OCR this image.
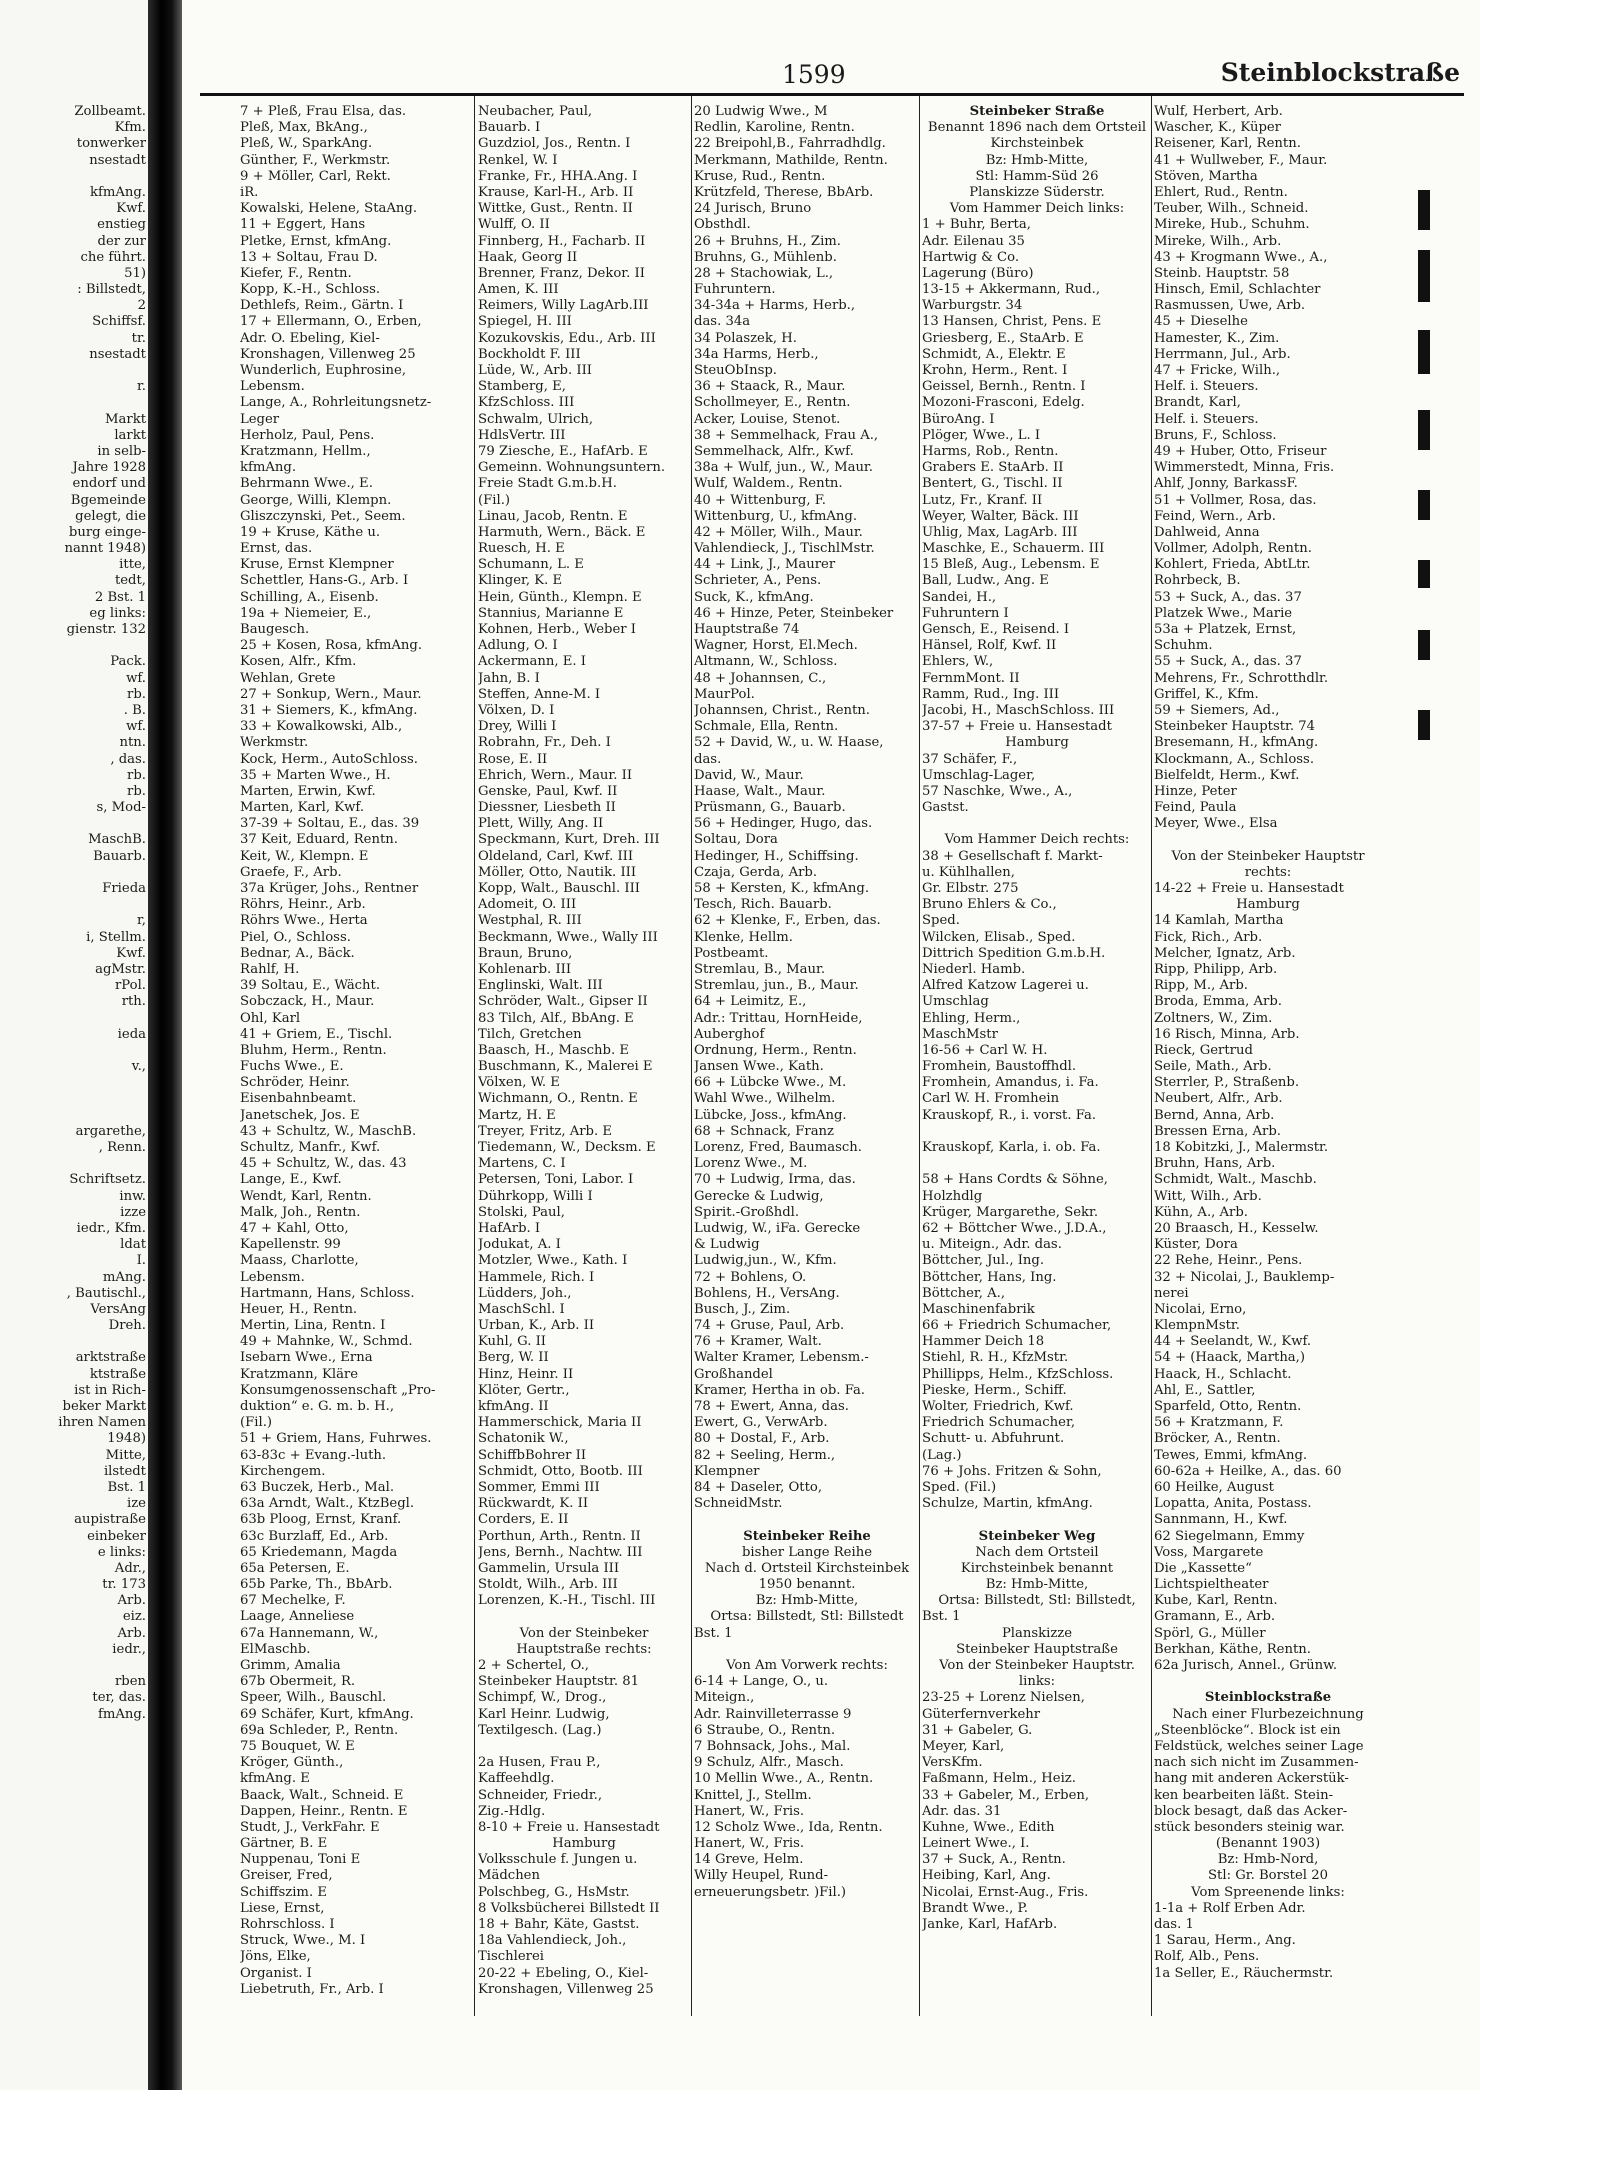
Zollbeamt.
Kfm.
tonwerker
nsestadt
kfmAng.
Kwf.
enstieg
der zur
che führt.
51)
: Billstedt,
2
Schiffsf.
tr.
nsestadt
r.
Markt
larkt
in selb-
Jahre 1928
endorf und
Bgemeinde
gelegt, die
burg einge-
nannt 1948)
itte,
tedt,
2 Bst. 1
eg links:
gienstr. 132
Pack.
wf.
rb.
. B.
wf.
ntn.
, das.
rb.
rb.
s, Mod-
MaschB.
Bauarb.
Frieda
r,
i, Stellm.
Kwf.
agMstr.
rPol.
rth.
ieda
v.,
argarethe,
, Renn.
Schriftsetz.
inw.
izze
iedr., Kfm.
ldat
I.
mAng.
, Bautischl.,
VersAng
Dreh.
arktstraße
ktstraße
ist in Rich-
beker Markt
ihren Namen
1948)
Mitte,
ilstedt
Bst. 1
ize
aupistraße
einbeker
e links:
Adr.,
tr. 173
Arb.
eiz.
Arb.
iedr.,
rben
ter, das.
fmAng.
1599	Steinblockstraße
7 + Pleß, Frau Elsa, das.
Pleß, Max, BkAng.,
Pleß, W., SparkAng.
Günther, F., Werkmstr.
9 + Möller, Carl, Rekt.
iR.
Kowalski, Helene, StaAng.
11 + Eggert, Hans
Pletke, Ernst, kfmAng.
13 + Soltau, Frau D.
Kiefer, F., Rentn.
Kopp, K.-H., Schloss.
Dethlefs, Reim., Gärtn. I
17 + Ellermann, O., Erben,
Adr. O. Ebeling, Kiel-
Kronshagen, Villenweg 25
Wunderlich, Euphrosine,
Lebensm.
Lange, A., Rohrleitungsnetz-
Leger
Herholz, Paul, Pens.
Kratzmann, Hellm.,
kfmAng.
Behrmann Wwe., E.
George, Willi, Klempn.
Gliszczynski, Pet., Seem.
19 + Kruse, Käthe u.
Ernst, das.
Kruse, Ernst Klempner
Schettler, Hans-G., Arb. I
Schilling, A., Eisenb.
19a + Niemeier, E.,
Baugesch.
25 + Kosen, Rosa, kfmAng.
Kosen, Alfr., Kfm.
Wehlan, Grete
27 + Sonkup, Wern., Maur.
31 + Siemers, K., kfmAng.
33 + Kowalkowski, Alb.,
Werkmstr.
Kock, Herm., AutoSchloss.
35 + Marten Wwe., H.
Marten, Erwin, Kwf.
Marten, Karl, Kwf.
37-39 + Soltau, E., das. 39
37 Keit, Eduard, Rentn.
Keit, W., Klempn. E
Graefe, F., Arb.
37a Krüger, Johs., Rentner
Röhrs, Heinr., Arb.
Röhrs Wwe., Herta
Piel, O., Schloss.
Bednar, A., Bäck.
Rahlf, H.
39 Soltau, E., Wächt.
Sobczack, H., Maur.
Ohl, Karl
41 + Griem, E., Tischl.
Bluhm, Herm., Rentn.
Fuchs Wwe., E.
Schröder, Heinr.
Eisenbahnbeamt.
Janetschek, Jos. E
43 + Schultz, W., MaschB.
Schultz, Manfr., Kwf.
45 + Schultz, W., das. 43
Lange, E., Kwf.
Wendt, Karl, Rentn.
Malk, Joh., Rentn.
47 + Kahl, Otto,
Kapellenstr. 99
Maass, Charlotte,
Lebensm.
Hartmann, Hans, Schloss.
Heuer, H., Rentn.
Mertin, Lina, Rentn. I
49 + Mahnke, W., Schmd.
Isebarn Wwe., Erna
Kratzmann, Kläre
Konsumgenossenschaft „Pro-
duktion“ e. G. m. b. H.,
(Fil.)
51 + Griem, Hans, Fuhrwes.
63-83c + Evang.-luth.
Kirchengem.
63 Buczek, Herb., Mal.
63a Arndt, Walt., KtzBegl.
63b Ploog, Ernst, Kranf.
63c Burzlaff, Ed., Arb.
65 Kriedemann, Magda
65a Petersen, E.
65b Parke, Th., BbArb.
67 Mechelke, F.
Laage, Anneliese
67a Hannemann, W.,
ElMaschb.
Grimm, Amalia
67b Obermeit, R.
Speer, Wilh., Bauschl.
69 Schäfer, Kurt, kfmAng.
69a Schleder, P., Rentn.
75 Bouquet, W. E
Kröger, Günth.,
kfmAng. E
Baack, Walt., Schneid. E
Dappen, Heinr., Rentn. E
Studt, J., VerkFahr. E
Gärtner, B. E
Nuppenau, Toni E
Greiser, Fred,
Schiffszim. E
Liese, Ernst,
Rohrschloss. I
Struck, Wwe., M. I
Jöns, Elke,
Organist. I
Liebetruth, Fr., Arb. I
Neubacher, Paul,
Bauarb. I
Guzdziol, Jos., Rentn. I
Renkel, W. I
Franke, Fr., HHA.Ang. I
Krause, Karl-H., Arb. II
Wittke, Gust., Rentn. II
Wulff, O. II
Finnberg, H., Facharb. II
Haak, Georg II
Brenner, Franz, Dekor. II
Amen, K. III
Reimers, Willy LagArb.III
Spiegel, H. III
Kozukovskis, Edu., Arb. III
Bockholdt F. III
Lüde, W., Arb. III
Stamberg, E,
KfzSchloss. III
Schwalm, Ulrich,
HdlsVertr. III
79 Ziesche, E., HafArb. E
Gemeinn. Wohnungsuntern.
Freie Stadt G.m.b.H.
(Fil.)
Linau, Jacob, Rentn. E
Harmuth, Wern., Bäck. E
Ruesch, H. E
Schumann, L. E
Klinger, K. E
Hein, Günth., Klempn. E
Stannius, Marianne E
Kohnen, Herb., Weber I
Adlung, O. I
Ackermann, E. I
Jahn, B. I
Steffen, Anne-M. I
Völxen, D. I
Drey, Willi I
Robrahn, Fr., Deh. I
Rose, E. II
Ehrich, Wern., Maur. II
Genske, Paul, Kwf. II
Diessner, Liesbeth II
Plett, Willy, Ang. II
Speckmann, Kurt, Dreh. III
Oldeland, Carl, Kwf. III
Möller, Otto, Nautik. III
Kopp, Walt., Bauschl. III
Adomeit, O. III
Westphal, R. III
Beckmann, Wwe., Wally III
Braun, Bruno,
Kohlenarb. III
Englinski, Walt. III
Schröder, Walt., Gipser II
83 Tilch, Alf., BbAng. E
Tilch, Gretchen
Baasch, H., Maschb. E
Buschmann, K., Malerei E
Völxen, W. E
Wichmann, O., Rentn. E
Martz, H. E
Treyer, Fritz, Arb. E
Tiedemann, W., Decksm. E
Martens, C. I
Petersen, Toni, Labor. I
Dührkopp, Willi I
Stolski, Paul,
HafArb. I
Jodukat, A. I
Motzler, Wwe., Kath. I
Hammele, Rich. I
Lüdders, Joh.,
MaschSchl. I
Urban, K., Arb. II
Kuhl, G. II
Berg, W. II
Hinz, Heinr. II
Klöter, Gertr.,
kfmAng. II
Hammerschick, Maria II
Schatonik W.,
SchiffbBohrer II
Schmidt, Otto, Bootb. III
Sommer, Emmi III
Rückwardt, K. II
Corders, E. II
Porthun, Arth., Rentn. II
Jens, Bernh., Nachtw. III
Gammelin, Ursula III
Stoldt, Wilh., Arb. III
Lorenzen, K.-H., Tischl. III
Von der Steinbeker
Hauptstraße rechts:
2 + Schertel, O.,
Steinbeker Hauptstr. 81
Schimpf, W., Drog.,
Karl Heinr. Ludwig,
Textilgesch. (Lag.)
2a Husen, Frau P.,
Kaffeehdlg.
Schneider, Friedr.,
Zig.-Hdlg.
8-10 + Freie u. Hansestadt
Hamburg
Volksschule f. Jungen u.
Mädchen
Polschbeg, G., HsMstr.
8 Volksbücherei Billstedt II
18 + Bahr, Käte, Gastst.
18a Vahlendieck, Joh.,
Tischlerei
20-22 + Ebeling, O., Kiel-
Kronshagen, Villenweg 25
20 Ludwig Wwe., M
Redlin, Karoline, Rentn.
22 Breipohl,B., Fahrradhdlg.
Merkmann, Mathilde, Rentn.
Kruse, Rud., Rentn.
Krützfeld, Therese, BbArb.
24 Jurisch, Bruno
Obsthdl.
26 + Bruhns, H., Zim.
Bruhns, G., Mühlenb.
28 + Stachowiak, L.,
Fuhruntern.
34-34a + Harms, Herb.,
das. 34a
34 Polaszek, H.
34a Harms, Herb.,
SteuObInsp.
36 + Staack, R., Maur.
Schollmeyer, E., Rentn.
Acker, Louise, Stenot.
38 + Semmelhack, Frau A.,
Semmelhack, Alfr., Kwf.
38a + Wulf, jun., W., Maur.
Wulf, Waldem., Rentn.
40 + Wittenburg, F.
Wittenburg, U., kfmAng.
42 + Möller, Wilh., Maur.
Vahlendieck, J., TischlMstr.
44 + Link, J., Maurer
Schrieter, A., Pens.
Suck, K., kfmAng.
46 + Hinze, Peter, Steinbeker
Hauptstraße 74
Wagner, Horst, El.Mech.
Altmann, W., Schloss.
48 + Johannsen, C.,
MaurPol.
Johannsen, Christ., Rentn.
Schmale, Ella, Rentn.
52 + David, W., u. W. Haase,
das.
David, W., Maur.
Haase, Walt., Maur.
Prüsmann, G., Bauarb.
56 + Hedinger, Hugo, das.
Soltau, Dora
Hedinger, H., Schiffsing.
Czaja, Gerda, Arb.
58 + Kersten, K., kfmAng.
Tesch, Rich. Bauarb.
62 + Klenke, F., Erben, das.
Klenke, Hellm.
Postbeamt.
Stremlau, B., Maur.
Stremlau, jun., B., Maur.
64 + Leimitz, E.,
Adr.: Trittau, HornHeide,
Auberghof
Ordnung, Herm., Rentn.
Jansen Wwe., Kath.
66 + Lübcke Wwe., M.
Wahl Wwe., Wilhelm.
Lübcke, Joss., kfmAng.
68 + Schnack, Franz
Lorenz, Fred, Baumasch.
Lorenz Wwe., M.
70 + Ludwig, Irma, das.
Gerecke & Ludwig,
Spirit.-Großhdl.
Ludwig, W., iFa. Gerecke
& Ludwig
Ludwig,jun., W., Kfm.
72 + Bohlens, O.
Bohlens, H., VersAng.
Busch, J., Zim.
74 + Gruse, Paul, Arb.
76 + Kramer, Walt.
Walter Kramer, Lebensm.-
Großhandel
Kramer, Hertha in ob. Fa.
78 + Ewert, Anna, das.
Ewert, G., VerwArb.
80 + Dostal, F., Arb.
82 + Seeling, Herm.,
Klempner
84 + Daseler, Otto,
SchneidMstr.
Steinbeker Reihe
bisher Lange Reihe
Nach d. Ortsteil Kirchsteinbek
1950 benannt.
Bz: Hmb-Mitte,
Ortsa: Billstedt, Stl: Billstedt
Bst. 1
Von Am Vorwerk rechts:
6-14 + Lange, O., u.
Miteign.,
Adr. Rainvilleterrasse 9
6 Straube, O., Rentn.
7 Bohnsack, Johs., Mal.
9 Schulz, Alfr., Masch.
10 Mellin Wwe., A., Rentn.
Knittel, J., Stellm.
Hanert, W., Fris.
12 Scholz Wwe., Ida, Rentn.
Hanert, W., Fris.
14 Greve, Helm.
Willy Heupel, Rund-
erneuerungsbetr. )Fil.)
Steinbeker Straße
Benannt 1896 nach dem Ortsteil
Kirchsteinbek
Bz: Hmb-Mitte,
Stl: Hamm-Süd 26
Planskizze Süderstr.
Vom Hammer Deich links:
1 + Buhr, Berta,
Adr. Eilenau 35
Hartwig & Co.
Lagerung (Büro)
13-15 + Akkermann, Rud.,
Warburgstr. 34
13 Hansen, Christ, Pens. E
Griesberg, E., StaArb. E
Schmidt, A., Elektr. E
Krohn, Herm., Rent. I
Geissel, Bernh., Rentn. I
Mozoni-Frasconi, Edelg.
BüroAng. I
Plöger, Wwe., L. I
Harms, Rob., Rentn.
Grabers E. StaArb. II
Bentert, G., Tischl. II
Lutz, Fr., Kranf. II
Weyer, Walter, Bäck. III
Uhlig, Max, LagArb. III
Maschke, E., Schauerm. III
15 Bleß, Aug., Lebensm. E
Ball, Ludw., Ang. E
Sandei, H.,
Fuhruntern I
Gensch, E., Reisend. I
Hänsel, Rolf, Kwf. II
Ehlers, W.,
FernmMont. II
Ramm, Rud., Ing. III
Jacobi, H., MaschSchloss. III
37-57 + Freie u. Hansestadt
Hamburg
37 Schäfer, F.,
Umschlag-Lager,
57 Naschke, Wwe., A.,
Gastst.
Vom Hammer Deich rechts:
38 + Gesellschaft f. Markt-
u. Kühlhallen,
Gr. Elbstr. 275
Bruno Ehlers & Co.,
Sped.
Wilcken, Elisab., Sped.
Dittrich Spedition G.m.b.H.
Niederl. Hamb.
Alfred Katzow Lagerei u.
Umschlag
Ehling, Herm.,
MaschMstr
16-56 + Carl W. H.
Fromhein, Baustoffhdl.
Fromhein, Amandus, i. Fa.
Carl W. H. Fromhein
Krauskopf, R., i. vorst. Fa.
Krauskopf, Karla, i. ob. Fa.
58 + Hans Cordts & Söhne,
Holzhdlg
Krüger, Margarethe, Sekr.
62 + Böttcher Wwe., J.D.A.,
u. Miteign., Adr. das.
Böttcher, Jul., Ing.
Böttcher, Hans, Ing.
Böttcher, A.,
Maschinenfabrik
66 + Friedrich Schumacher,
Hammer Deich 18
Stiehl, R. H., KfzMstr.
Phillipps, Helm., KfzSchloss.
Pieske, Herm., Schiff.
Wolter, Friedrich, Kwf.
Friedrich Schumacher,
Schutt- u. Abfuhrunt.
(Lag.)
76 + Johs. Fritzen & Sohn,
Sped. (Fil.)
Schulze, Martin, kfmAng.
Steinbeker Weg
Nach dem Ortsteil
Kirchsteinbek benannt
Bz: Hmb-Mitte,
Ortsa: Billstedt, Stl: Billstedt,
Bst. 1
Planskizze
Steinbeker Hauptstraße
Von der Steinbeker Hauptstr.
links:
23-25 + Lorenz Nielsen,
Güterfernverkehr
31 + Gabeler, G.
Meyer, Karl,
VersKfm.
Faßmann, Helm., Heiz.
33 + Gabeler, M., Erben,
Adr. das. 31
Kuhne, Wwe., Edith
Leinert Wwe., I.
37 + Suck, A., Rentn.
Heibing, Karl, Ang.
Nicolai, Ernst-Aug., Fris.
Brandt Wwe., P.
Janke, Karl, HafArb.
Wulf, Herbert, Arb.
Wascher, K., Küper
Reisener, Karl, Rentn.
41 + Wullweber, F., Maur.
Stöven, Martha
Ehlert, Rud., Rentn.
Teuber, Wilh., Schneid.
Mireke, Hub., Schuhm.
Mireke, Wilh., Arb.
43 + Krogmann Wwe., A.,
Steinb. Hauptstr. 58
Hinsch, Emil, Schlachter
Rasmussen, Uwe, Arb.
45 + Dieselhe
Hamester, K., Zim.
Herrmann, Jul., Arb.
47 + Fricke, Wilh.,
Helf. i. Steuers.
Brandt, Karl,
Helf. i. Steuers.
Bruns, F., Schloss.
49 + Huber, Otto, Friseur
Wimmerstedt, Minna, Fris.
Ahlf, Jonny, BarkassF.
51 + Vollmer, Rosa, das.
Feind, Wern., Arb.
Dahlweid, Anna
Vollmer, Adolph, Rentn.
Kohlert, Frieda, AbtLtr.
Rohrbeck, B.
53 + Suck, A., das. 37
Platzek Wwe., Marie
53a + Platzek, Ernst,
Schuhm.
55 + Suck, A., das. 37
Mehrens, Fr., Schrotthdlr.
Griffel, K., Kfm.
59 + Siemers, Ad.,
Steinbeker Hauptstr. 74
Bresemann, H., kfmAng.
Klockmann, A., Schloss.
Bielfeldt, Herm., Kwf.
Hinze, Peter
Feind, Paula
Meyer, Wwe., Elsa
Von der Steinbeker Hauptstr
rechts:
14-22 + Freie u. Hansestadt
Hamburg
14 Kamlah, Martha
Fick, Rich., Arb.
Melcher, Ignatz, Arb.
Ripp, Philipp, Arb.
Ripp, M., Arb.
Broda, Emma, Arb.
Zoltners, W., Zim.
16 Risch, Minna, Arb.
Rieck, Gertrud
Seile, Math., Arb.
Sterrler, P., Straßenb.
Neubert, Alfr., Arb.
Bernd, Anna, Arb.
Bressen Erna, Arb.
18 Kobitzki, J., Malermstr.
Bruhn, Hans, Arb.
Schmidt, Walt., Maschb.
Witt, Wilh., Arb.
Kühn, A., Arb.
20 Braasch, H., Kesselw.
Küster, Dora
22 Rehe, Heinr., Pens.
32 + Nicolai, J., Bauklemp-
nerei
Nicolai, Erno,
KlempnMstr.
44 + Seelandt, W., Kwf.
54 + (Haack, Martha,)
Haack, H., Schlacht.
Ahl, E., Sattler,
Sparfeld, Otto, Rentn.
56 + Kratzmann, F.
Bröcker, A., Rentn.
Tewes, Emmi, kfmAng.
60-62a + Heilke, A., das. 60
60 Heilke, August
Lopatta, Anita, Postass.
Sannmann, H., Kwf.
62 Siegelmann, Emmy
Voss, Margarete
Die „Kassette“
Lichtspieltheater
Kube, Karl, Rentn.
Gramann, E., Arb.
Spörl, G., Müller
Berkhan, Käthe, Rentn.
62a Jurisch, Annel., Grünw.
Steinblockstraße
Nach einer Flurbezeichnung
„Steenblöcke“. Block ist ein
Feldstück, welches seiner Lage
nach sich nicht im Zusammen-
hang mit anderen Ackerstük-
ken bearbeiten läßt. Stein-
block besagt, daß das Acker-
stück besonders steinig war.
(Benannt 1903)
Bz: Hmb-Nord,
Stl: Gr. Borstel 20
Vom Spreenende links:
1-1a + Rolf Erben Adr.
das. 1
1 Sarau, Herm., Ang.
Rolf, Alb., Pens.
1a Seller, E., Räuchermstr.
